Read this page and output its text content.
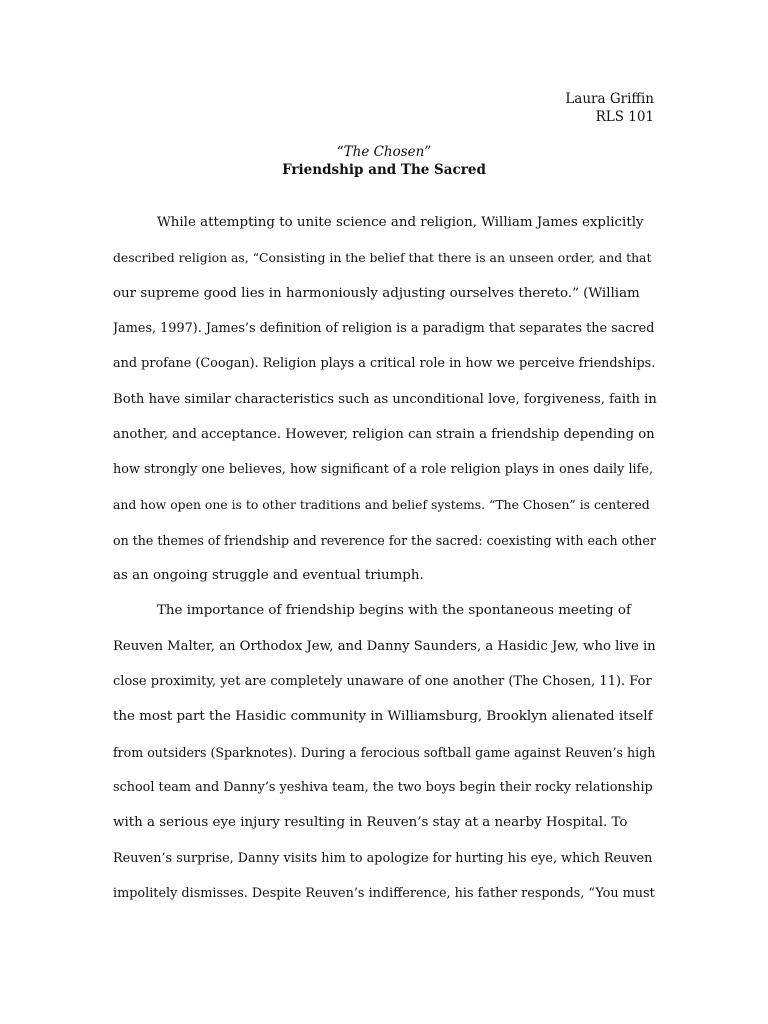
Laura Griffin
RLS 101
“The Chosen”
Friendship and The Sacred
While attempting to unite science and religion, William James explicitly
described religion as, “Consisting in the belief that there is an unseen order, and that
our supreme good lies in harmoniously adjusting ourselves thereto.” (William
James, 1997). James’s definition of religion is a paradigm that separates the sacred
and profane (Coogan). Religion plays a critical role in how we perceive friendships.
Both have similar characteristics such as unconditional love, forgiveness, faith in
another, and acceptance. However, religion can strain a friendship depending on
how strongly one believes, how significant of a role religion plays in ones daily life,
and how open one is to other traditions and belief systems. “The Chosen” is centered
on the themes of friendship and reverence for the sacred: coexisting with each other
as an ongoing struggle and eventual triumph.
The importance of friendship begins with the spontaneous meeting of
Reuven Malter, an Orthodox Jew, and Danny Saunders, a Hasidic Jew, who live in
close proximity, yet are completely unaware of one another (The Chosen, 11). For
the most part the Hasidic community in Williamsburg, Brooklyn alienated itself
from outsiders (Sparknotes). During a ferocious softball game against Reuven’s high
school team and Danny’s yeshiva team, the two boys begin their rocky relationship
with a serious eye injury resulting in Reuven’s stay at a nearby Hospital. To
Reuven’s surprise, Danny visits him to apologize for hurting his eye, which Reuven
impolitely dismisses. Despite Reuven’s indifference, his father responds, “You must
